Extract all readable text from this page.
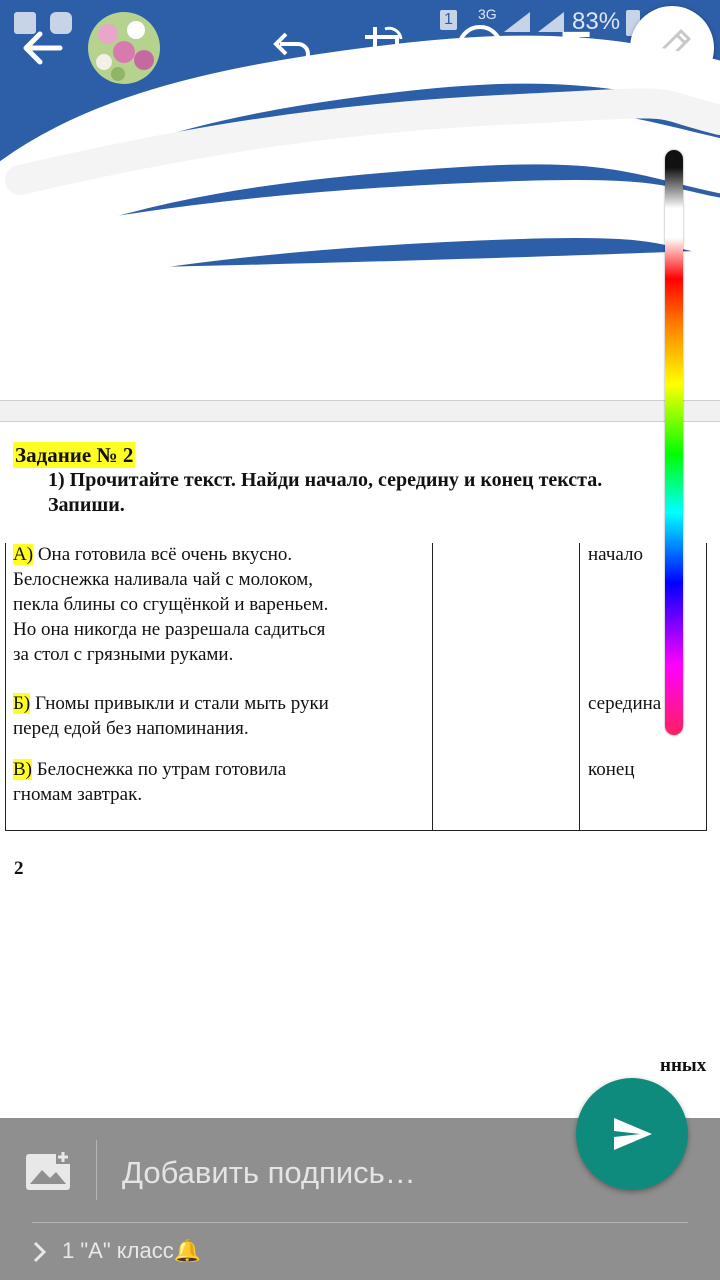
1 3G	83%
T
Задание № 2
1) Прочитайте текст. Найди начало, середину и конец текста.
Запиши.
А) Она готовила всё очень вкусно.
Белоснежка наливала чай с молоком,
пекла блины со сгущёнкой и вареньем.
Но она никогда не разрешала садиться
за стол с грязными руками.
начало
Б) Гномы привыкли и стали мыть руки
перед едой без напоминания.
середина
В) Белоснежка по утрам готовила
гномам завтрак.
конец
2
нных
Добавить подпись…
1 "А" класс🔔
